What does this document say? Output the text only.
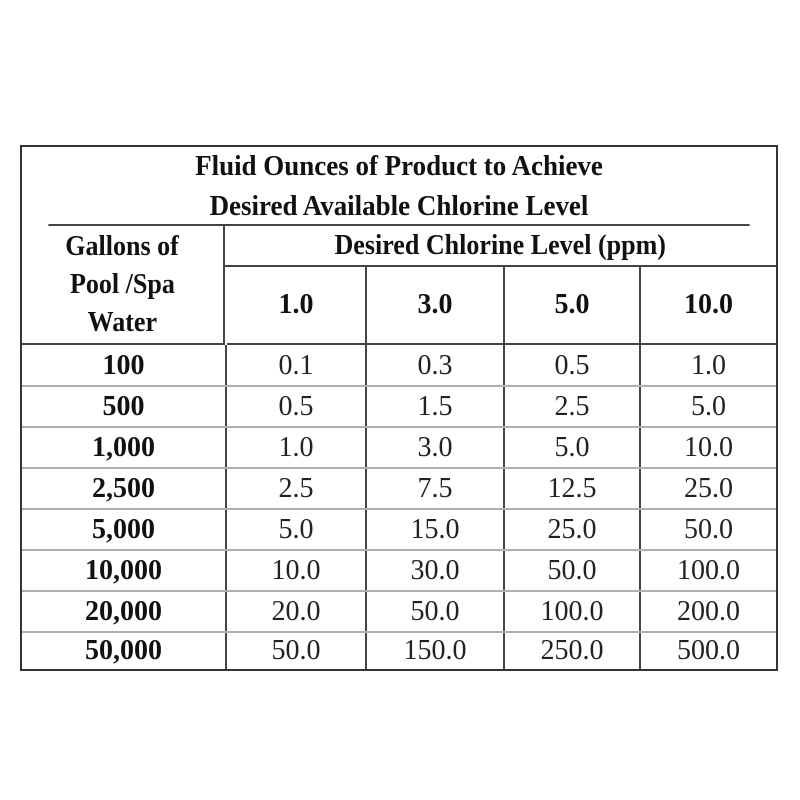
Fluid Ounces of Product to Achieve
Desired Available Chlorine Level
Gallons of
Pool /Spa
Water
Desired Chlorine Level (ppm)
1.0	3.0	5.0	10.0
100	0.1	0.3	0.5	1.0
500	0.5	1.5	2.5	5.0
1,000	1.0	3.0	5.0	10.0
2,500	2.5	7.5	12.5	25.0
5,000	5.0	15.0	25.0	50.0
10,000	10.0	30.0	50.0	100.0
20,000	20.0	50.0	100.0	200.0
50,000	50.0	150.0	250.0	500.0
